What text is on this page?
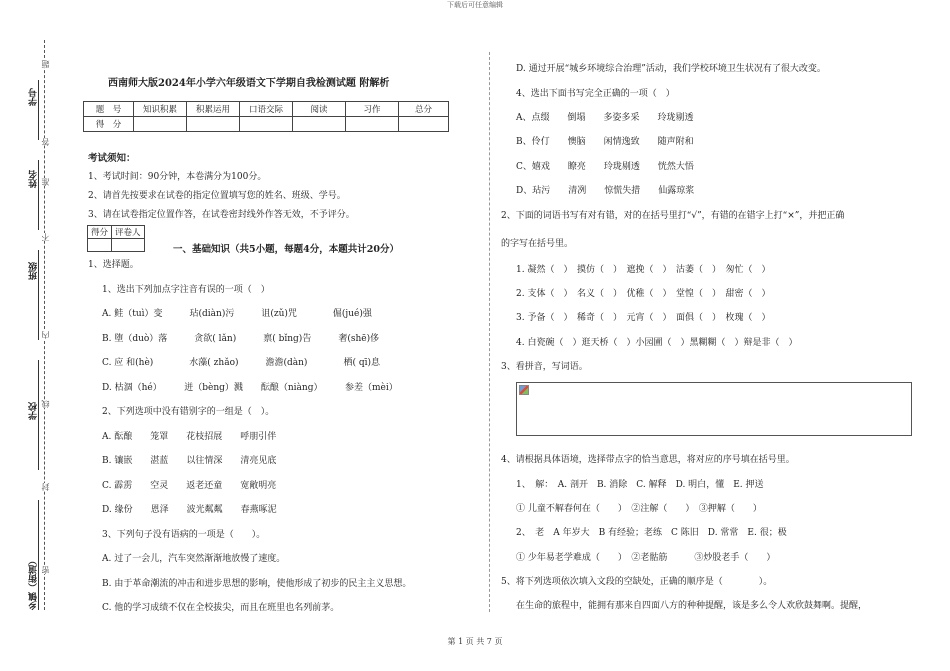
下载后可任意编辑
学号
姓名
班级
学校
乡镇（街道） 密
封
线
内
不
准
答
题
西南师大版2024年小学六年级语文下学期自我检测试题 附解析
题　号	知识积累	积累运用	口语交际	阅读	习作	总分
得　分						
考试须知：
1、考试时间：90分钟，本卷满分为100分。
2、请首先按要求在试卷的指定位置填写您的姓名、班级、学号。
3、请在试卷指定位置作答，在试卷密封线外作答无效，不予评分。
得分	评卷人

一、基础知识（共5小题，每题4分，本题共计20分）
1、选择题。
1、选出下列加点字注音有误的一项（　）
A. 鲑（tuì）变　　　玷(diàn)污　　　诅(zǔ)咒　　　　倔(jué)强
B. 堕（duò）落　　　贪欲( lǎn)　　　禀( bǐng)告　　　奢(shē)侈
C. 应 和(hè)　　　　水藻( zhǎo)　　　澹澹(dàn)　　　　栖( qī)息
D. 枯涸（hé）　　　迸（bèng）溅　　酝酿（niàng）　　　参差（mèi）
2、下列选项中没有错别字的一组是（　）。
A. 酝酿　　笼罩　　花枝招展　　呼朋引伴
B. 镶嵌　　湛蓝　　以往情深　　清亮见底
C. 霹雳　　空灵　　返老还童　　宽敞明亮
D. 缘份　　恩泽　　波光粼粼　　春燕啄泥
3、下列句子没有语病的一项是（　　）。
A. 过了一会儿，汽车突然渐渐地放慢了速度。
B. 由于革命潮流的冲击和进步思想的影响，使他形成了初步的民主主义思想。
C. 他的学习成绩不仅在全校拔尖，而且在班里也名列前茅。
D. 通过开展“城乡环境综合治理”活动，我们学校环境卫生状况有了很大改变。
4、选出下面书写完全正确的一项（　）
A、点缀　　倒塌　　多姿多采　　玲珑剔透
B、伶仃　　懊脑　　闲情逸致　　随声附和
C、嬉戏　　瞭亮　　玲珑剔透　　恍然大悟
D、玷污　　清冽　　惊慌失措　　仙露琼浆
2、下面的词语书写有对有错，对的在括号里打“√”，有错的在错字上打“×”，并把正确
的字写在括号里。
1. 凝然（　）　摸仿（　）　遮挽（　）　沽萎（　）　匆忙（　）
2. 支体（　）　名义（　）　优稚（　）　堂惶（　）　甜密（　）
3. 予备（　）　稀奇（　）　元宵（　）　面俱（　）　枚瑰（　）
4. 白瓷碗（　）逛天桥（　）小园圃（　）黑糊糊（　）辩是非（　）
3、看拼音，写词语。
4、请根据具体语境，选择带点字的恰当意思，将对应的序号填在括号里。
1、　解：　A. 剖开　B. 消除　C. 解释　D. 明白，懂　E. 押送
① 儿童不解春何在（　　）　②注解（　　）　③押解（　　）
2、　老　A 年岁大　B 有经验；老练　C 陈旧　D. 常常　E. 很；极
① 少年易老学难成（　　）　②老骷筋　　　③炒股老手（　　）
5、将下列选项依次填入文段的空缺处，正确的顺序是（　　　　）。
在生命的旅程中，能拥有那来自四面八方的种种提醒，该是多么令人欢欣鼓舞啊。提醒，
第 1 页 共 7 页
